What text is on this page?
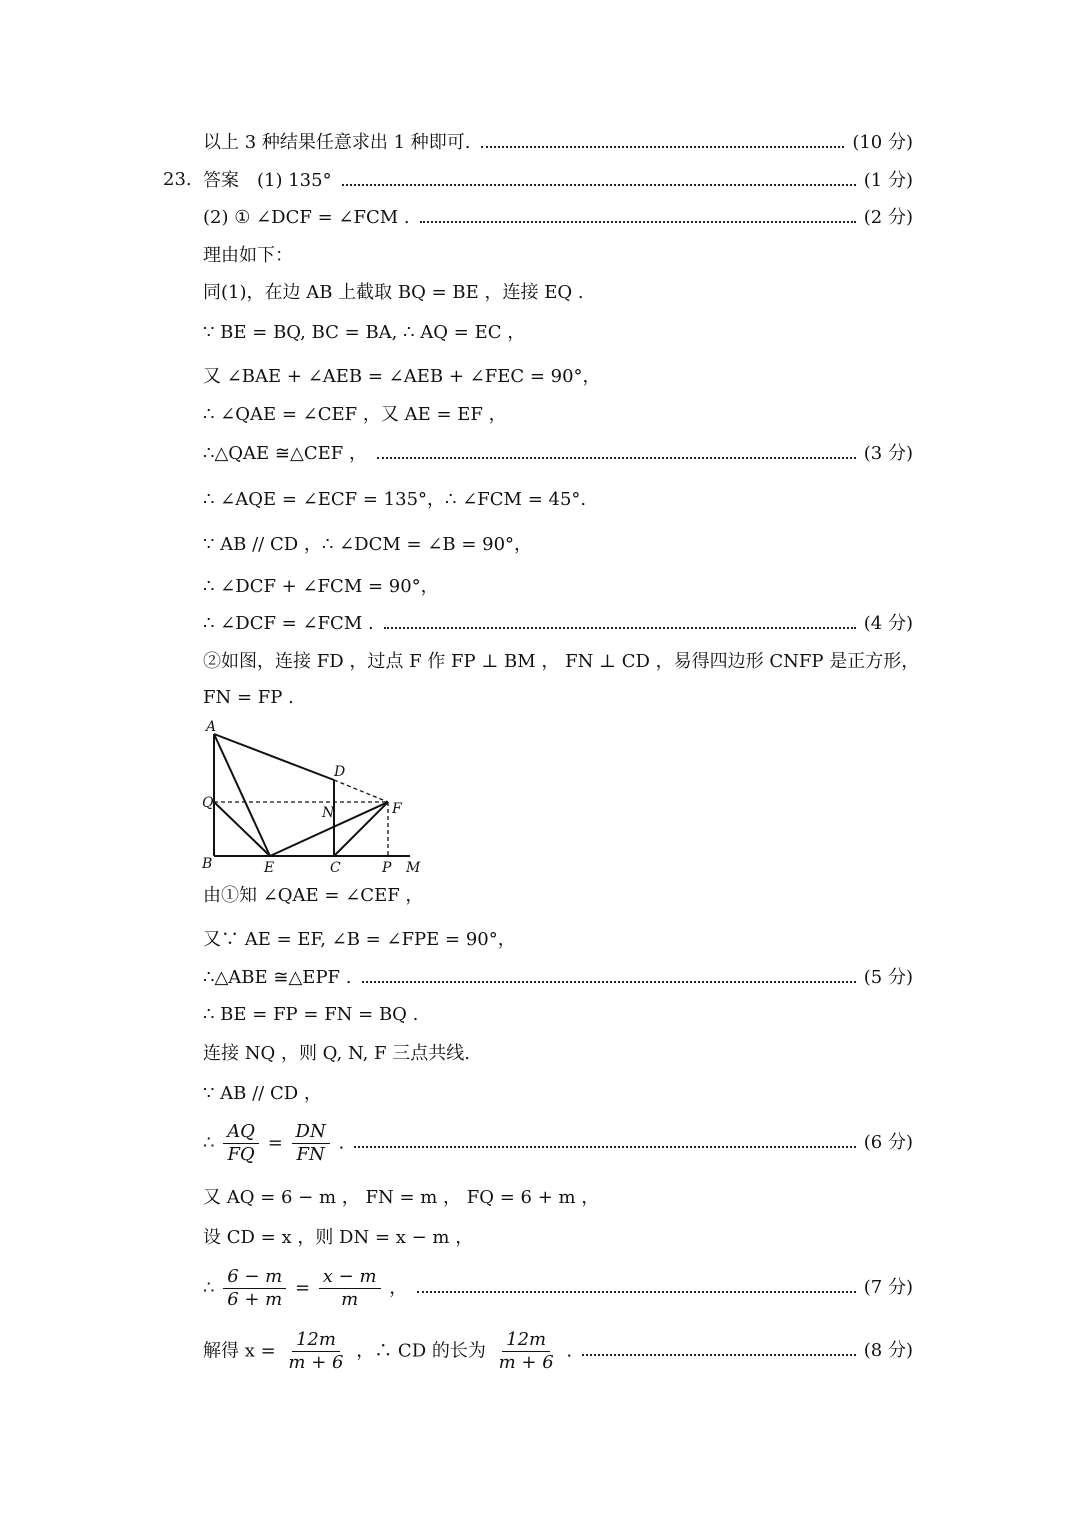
以上 3 种结果任意求出 1 种即可.	(10 分)
23. 答案　(1) 135°	(1 分)
(2) ① ∠DCF = ∠FCM .	(2 分)
理由如下：
同(1)，在边 AB 上截取 BQ = BE ，连接 EQ .
∵ BE = BQ, BC = BA, ∴ AQ = EC ，
又 ∠BAE + ∠AEB = ∠AEB + ∠FEC = 90°，
∴ ∠QAE = ∠CEF ，又 AE = EF ，
∴△QAE ≅△CEF ，	(3 分)
∴ ∠AQE = ∠ECF = 135°，∴ ∠FCM = 45°.
∵ AB // CD ，∴ ∠DCM = ∠B = 90°，
∴ ∠DCF + ∠FCM = 90°，
∴ ∠DCF = ∠FCM .	(4 分)
②如图，连接 FD ，过点 F 作 FP ⊥ BM ， FN ⊥ CD ，易得四边形 CNFP 是正方形，
FN = FP .
A
D
Q
N	F
B	E	C	P M
由①知 ∠QAE = ∠CEF ，
又∵ AE = EF, ∠B = ∠FPE = 90°，
∴△ABE ≅△EPF .	(5 分)
∴ BE = FP = FN = BQ .
连接 NQ ，则 Q, N, F 三点共线.
∵ AB // CD ，
∴ $\frac{AQ}{FQ} = \frac{DN}{FN}$ .	(6 分)
又 AQ = 6 − m ， FN = m ， FQ = 6 + m ，
设 CD = x ，则 DN = x − m ，
∴ $\frac{6 - m}{6 + m} = \frac{x - m}{m}$ ，	(7 分)
解得 $x = \frac{12m}{m + 6}$ ，∴ CD 的长为 $\frac{12m}{m + 6}$ .	(8 分)
